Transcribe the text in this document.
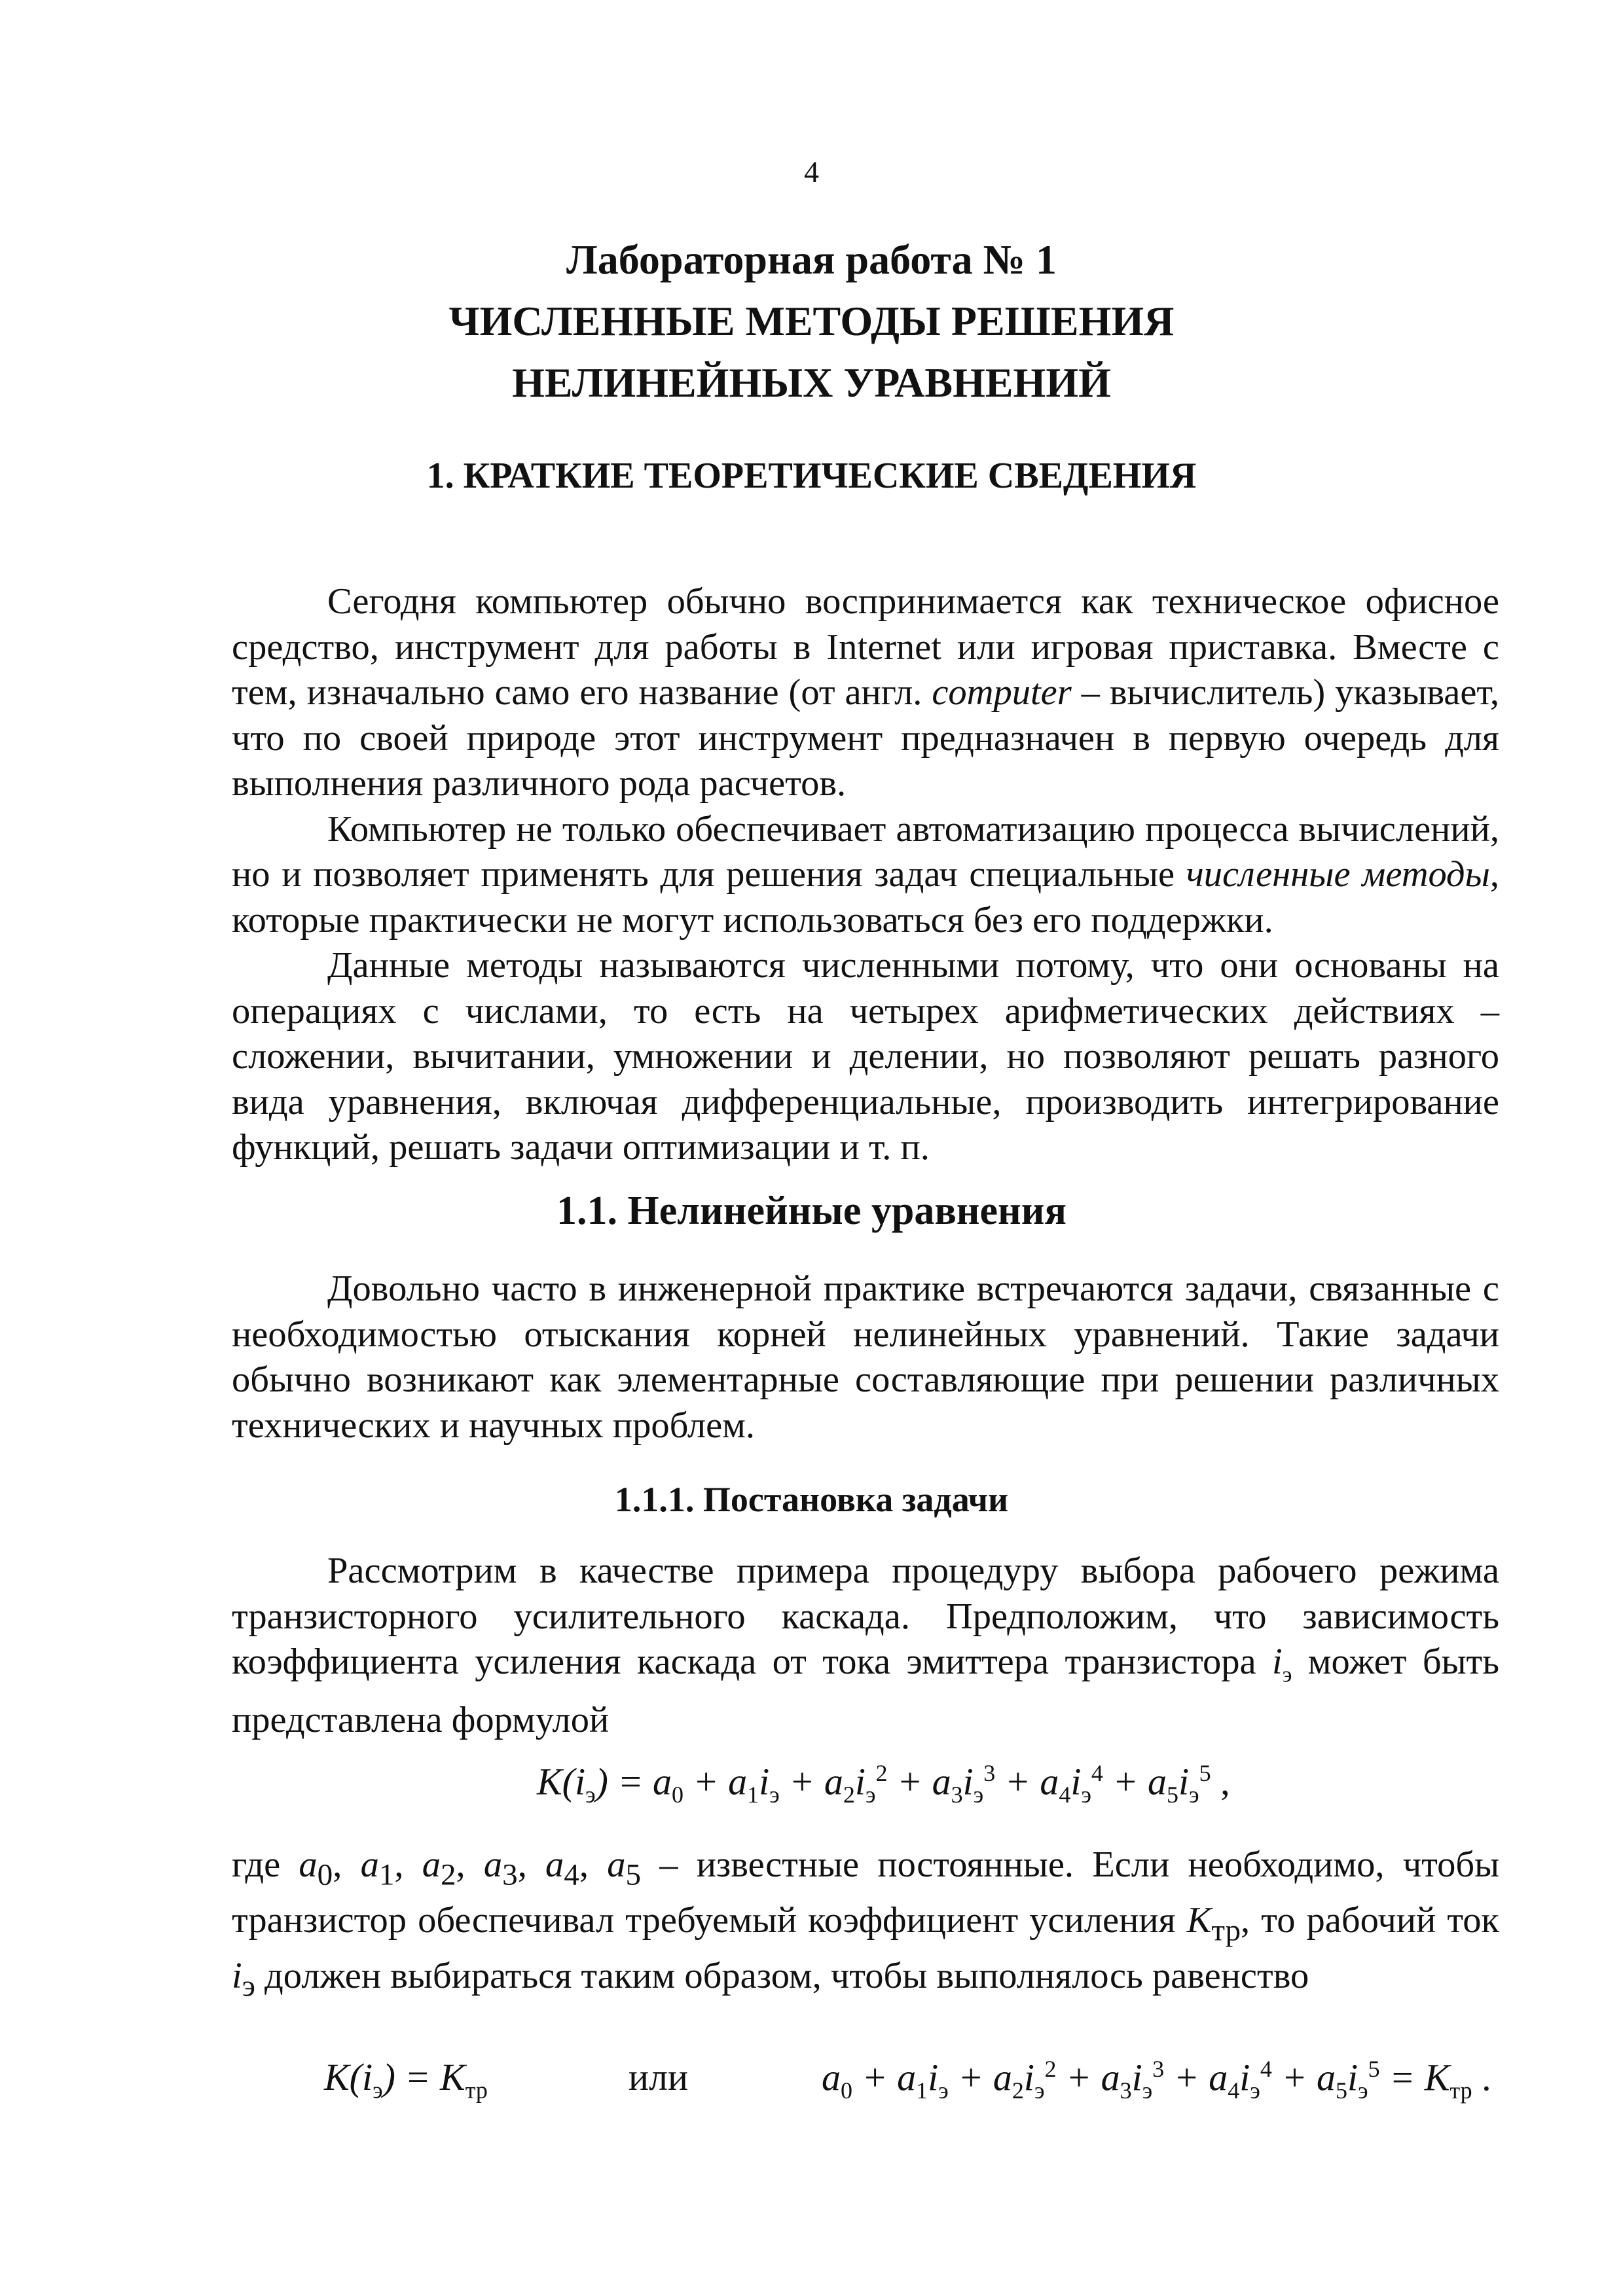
4
Лабораторная работа № 1
ЧИСЛЕННЫЕ МЕТОДЫ РЕШЕНИЯ
НЕЛИНЕЙНЫХ УРАВНЕНИЙ
1. КРАТКИЕ ТЕОРЕТИЧЕСКИЕ СВЕДЕНИЯ

Сегодня компьютер обычно воспринимается как техническое офисное средство, инструмент для работы в Internet или игровая приставка. Вместе с тем, изначально само его название (от англ. computer – вычислитель) указывает, что по своей природе этот инструмент предназначен в первую очередь для выполнения различного рода расчетов.

Компьютер не только обеспечивает автоматизацию процесса вычислений, но и позволяет применять для решения задач специальные численные методы, которые практически не могут использоваться без его поддержки.

Данные методы называются численными потому, что они основаны на операциях с числами, то есть на четырех арифметических действиях – сложении, вычитании, умножении и делении, но позволяют решать разного вида уравнения, включая дифференциальные, производить интегрирование функций, решать задачи оптимизации и т. п.

1.1. Нелинейные уравнения

Довольно часто в инженерной практике встречаются задачи, связанные с необходимостью отыскания корней нелинейных уравнений. Такие задачи обычно возникают как элементарные составляющие при решении различных технических и научных проблем.

1.1.1. Постановка задачи

Рассмотрим в качестве примера процедуру выбора рабочего режима транзисторного усилительного каскада. Предположим, что зависимость коэффициента усиления каскада от тока эмиттера транзистора $i_э$ может быть представлена формулой

$K(i_э) = a_0 + a_1i_э + a_2i_э^2 + a_3i_э^3 + a_4i_э^4 + a_5i_э^5$ ,

где $a_0$, $a_1$, $a_2$, $a_3$, $a_4$, $a_5$ – известные постоянные. Если необходимо, чтобы транзистор обеспечивал требуемый коэффициент усиления $K_{тр}$, то рабочий ток $i_э$ должен выбираться таким образом, чтобы выполнялось равенство

$K(i_э) = K_{тр}$	или	$a_0 + a_1i_э + a_2i_э^2 + a_3i_э^3 + a_4i_э^4 + a_5i_э^5 = K_{тр}$ .
